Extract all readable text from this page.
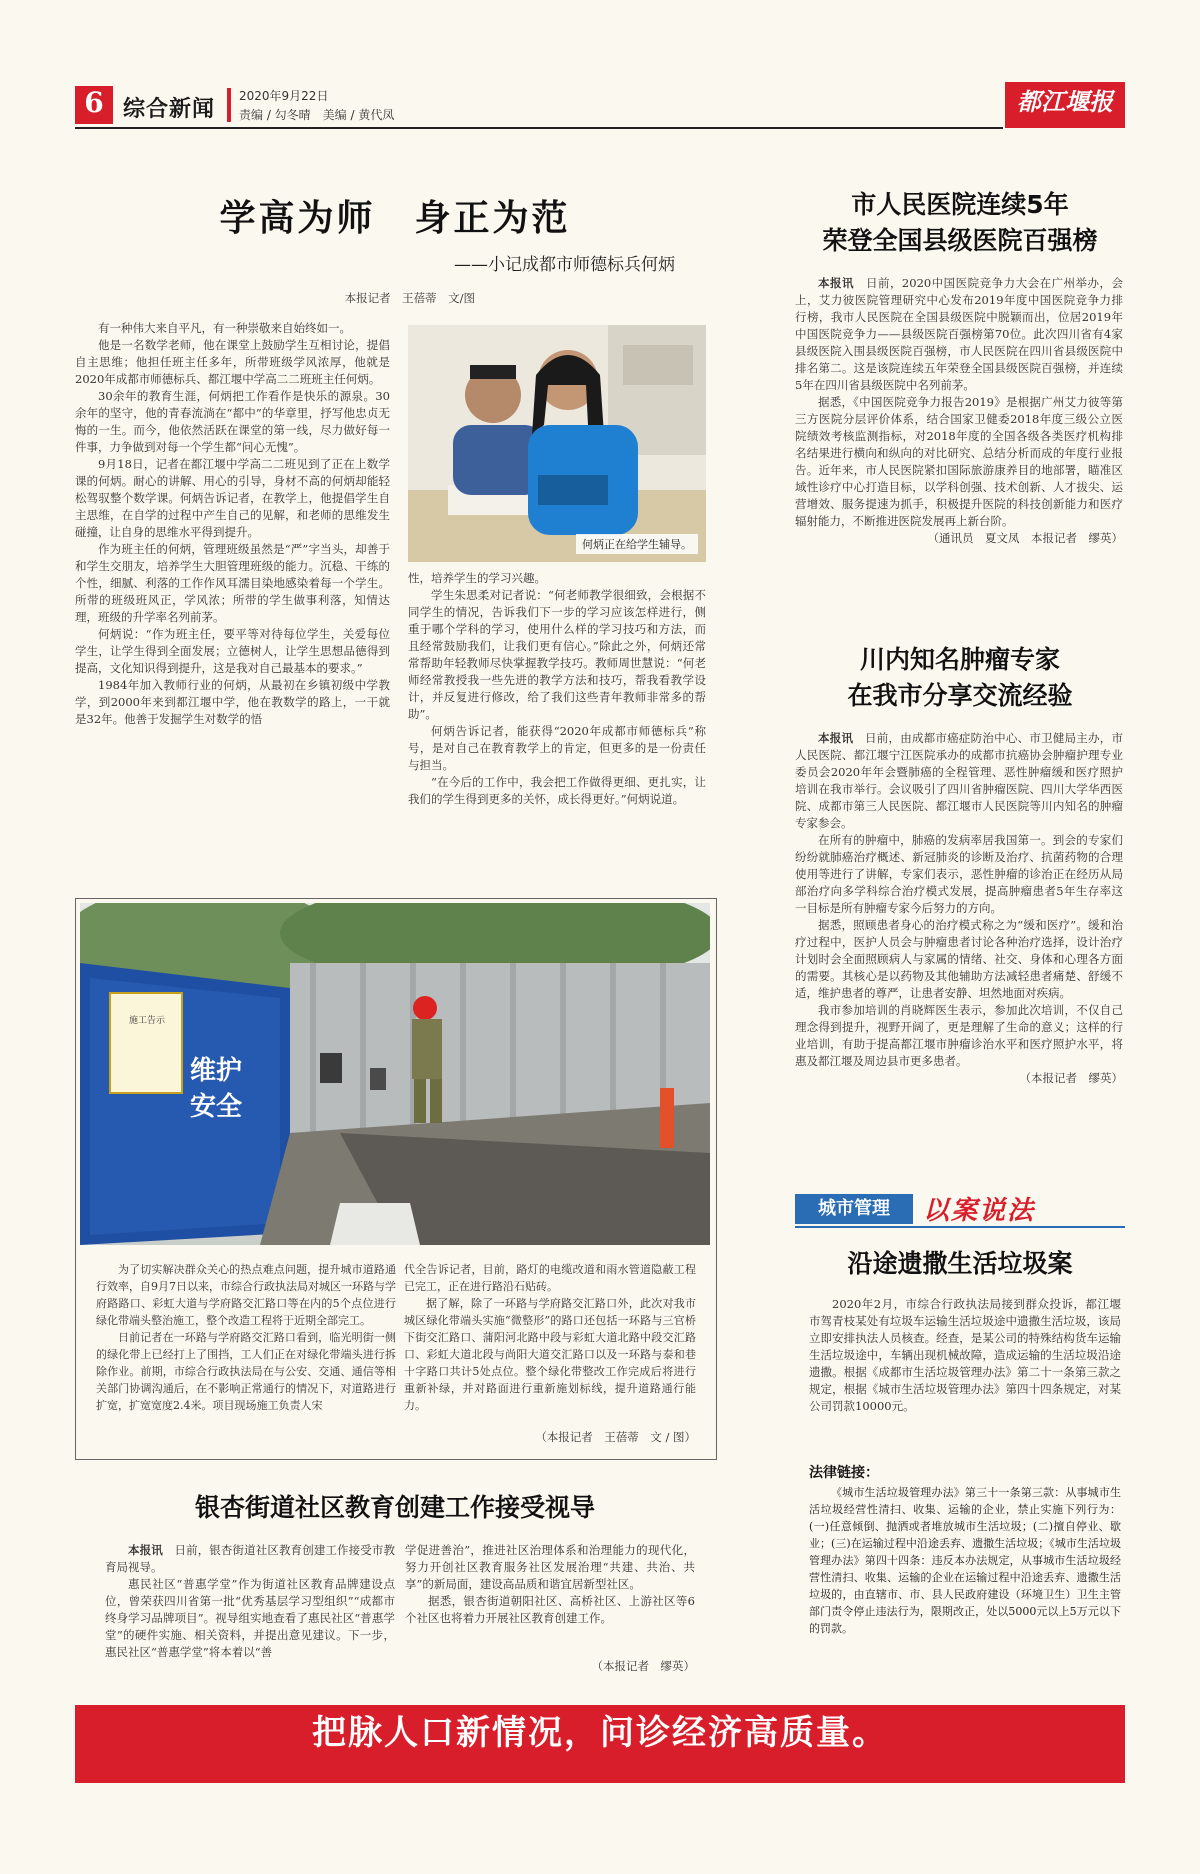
6 综合新闻
2020年9月22日
责编 / 勾冬晴　美编 / 黄代凤	都江堰报
学高为师　身正为范
——小记成都市师德标兵何炳
本报记者　王蓓蒂　文/图

有一种伟大来自平凡，有一种崇敬来自始终如一。

他是一名数学老师，他在课堂上鼓励学生互相讨论，提倡自主思维；他担任班主任多年，所带班级学风浓厚，他就是2020年成都市师德标兵、都江堰中学高二二班班主任何炳。

30余年的教育生涯，何炳把工作看作是快乐的源泉。30余年的坚守，他的青春流淌在“都中”的华章里，抒写他忠贞无悔的一生。而今，他依然活跃在课堂的第一线，尽力做好每一件事，力争做到对每一个学生都“问心无愧”。

9月18日，记者在都江堰中学高二二班见到了正在上数学课的何炳。耐心的讲解、用心的引导，身材不高的何炳却能轻松驾驭整个数学课。何炳告诉记者，在教学上，他提倡学生自主思维，在自学的过程中产生自己的见解，和老师的思维发生碰撞，让自身的思维水平得到提升。

作为班主任的何炳，管理班级虽然是“严”字当头，却善于和学生交朋友，培养学生大胆管理班级的能力。沉稳、干练的个性，细腻、利落的工作作风耳濡目染地感染着每一个学生。所带的班级班风正，学风浓；所带的学生做事利落，知情达理，班级的升学率名列前茅。

何炳说：“作为班主任，要平等对待每位学生，关爱每位学生，让学生得到全面发展；立德树人，让学生思想品德得到提高，文化知识得到提升，这是我对自己最基本的要求。”

1984年加入教师行业的何炳，从最初在乡镇初级中学教学，到2000年来到都江堰中学，他在教数学的路上，一干就是32年。他善于发掘学生对数学的悟

何炳正在给学生辅导。

性，培养学生的学习兴趣。

学生朱思柔对记者说：“何老师教学很细致，会根据不同学生的情况，告诉我们下一步的学习应该怎样进行，侧重于哪个学科的学习，使用什么样的学习技巧和方法，而且经常鼓励我们，让我们更有信心。”除此之外，何炳还常常帮助年轻教师尽快掌握教学技巧。教师周世慧说：“何老师经常教授我一些先进的教学方法和技巧，帮我看教学设计，并反复进行修改，给了我们这些青年教师非常多的帮助”。

何炳告诉记者，能获得“2020年成都市师德标兵”称号，是对自己在教育教学上的肯定，但更多的是一份责任与担当。

“在今后的工作中，我会把工作做得更细、更扎实，让我们的学生得到更多的关怀，成长得更好。”何炳说道。

市人民医院连续5年
荣登全国县级医院百强榜

本报讯　 日前，2020中国医院竞争力大会在广州举办，会上，艾力彼医院管理研究中心发布2019年度中国医院竞争力排行榜，我市人民医院在全国县级医院中脱颖而出，位居2019年中国医院竞争力——县级医院百强榜第70位。此次四川省有4家县级医院入围县级医院百强榜，市人民医院在四川省县级医院中排名第二。这是该院连续五年荣登全国县级医院百强榜，并连续5年在四川省县级医院中名列前茅。

据悉，《中国医院竞争力报告2019》是根据广州艾力彼等第三方医院分层评价体系，结合国家卫健委2018年度三级公立医院绩效考核监测指标，对2018年度的全国各级各类医疗机构排名结果进行横向和纵向的对比研究、总结分析而成的年度行业报告。近年来，市人民医院紧扣国际旅游康养目的地部署，瞄准区域性诊疗中心打造目标，以学科创强、技术创新、人才拔尖、运营增效、服务提速为抓手，积极提升医院的科技创新能力和医疗辐射能力，不断推进医院发展再上新台阶。

（通讯员　夏文凤　本报记者　缪英）

川内知名肿瘤专家
在我市分享交流经验

本报讯　 日前，由成都市癌症防治中心、市卫健局主办，市人民医院、都江堰宁江医院承办的成都市抗癌协会肿瘤护理专业委员会2020年年会暨肺癌的全程管理、恶性肿瘤缓和医疗照护培训在我市举行。会议吸引了四川省肿瘤医院、四川大学华西医院、成都市第三人民医院、都江堰市人民医院等川内知名的肿瘤专家参会。

在所有的肿瘤中，肺癌的发病率居我国第一。到会的专家们纷纷就肺癌治疗概述、新冠肺炎的诊断及治疗、抗菌药物的合理使用等进行了讲解，专家们表示，恶性肿瘤的诊治正在经历从局部治疗向多学科综合治疗模式发展，提高肿瘤患者5年生存率这一目标是所有肿瘤专家今后努力的方向。

据悉，照顾患者身心的治疗模式称之为“缓和医疗”。缓和治疗过程中，医护人员会与肿瘤患者讨论各种治疗选择，设计治疗计划时会全面照顾病人与家属的情绪、社交、身体和心理各方面的需要。其核心是以药物及其他辅助方法减轻患者痛楚、舒缓不适，维护患者的尊严，让患者安静、坦然地面对疾病。

我市参加培训的肖晓辉医生表示，参加此次培训，不仅自己理念得到提升，视野开阔了，更是理解了生命的意义；这样的行业培训，有助于提高都江堰市肿瘤诊治水平和医疗照护水平，将惠及都江堰及周边县市更多患者。

（本报记者　缪英）

维护 安全
施工告示

为了切实解决群众关心的热点难点问题，提升城市道路通行效率，自9月7日以来，市综合行政执法局对城区一环路与学府路路口、彩虹大道与学府路交汇路口等在内的5个点位进行绿化带端头整治施工，整个改造工程将于近期全部完工。

日前记者在一环路与学府路交汇路口看到，临光明街一侧的绿化带上已经打上了围挡，工人们正在对绿化带端头进行拆除作业。前期，市综合行政执法局在与公安、交通、通信等相关部门协调沟通后，在不影响正常通行的情况下，对道路进行扩宽，扩宽宽度2.4米。项目现场施工负责人宋

代全告诉记者，目前，路灯的电缆改道和雨水管道隐蔽工程已完工，正在进行路沿石贴砖。

据了解，除了一环路与学府路交汇路口外，此次对我市城区绿化带端头实施“微整形”的路口还包括一环路与三官桥下街交汇路口、蒲阳河北路中段与彩虹大道北路中段交汇路口、彩虹大道北段与尚阳大道交汇路口以及一环路与泰和巷十字路口共计5处点位。整个绿化带整改工作完成后将进行重新补绿，并对路面进行重新施划标线，提升道路通行能力。

（本报记者　王蓓蒂　文 / 图）
银杏街道社区教育创建工作接受视导

本报讯　 日前，银杏街道社区教育创建工作接受市教育局视导。

惠民社区“普惠学堂”作为街道社区教育品牌建设点位，曾荣获四川省第一批“优秀基层学习型组织”“成都市终身学习品牌项目”。视导组实地查看了惠民社区“普惠学堂”的硬件实施、相关资料，并提出意见建议。下一步，惠民社区“普惠学堂”将本着以“善

学促进善治”，推进社区治理体系和治理能力的现代化，努力开创社区教育服务社区发展治理“共建、共治、共享”的新局面，建设高品质和谐宜居新型社区。

据悉，银杏街道朝阳社区、高桥社区、上游社区等6个社区也将着力开展社区教育创建工作。

（本报记者　缪英）
城市管理	以案说法
沿途遗撒生活垃圾案

2020年2月，市综合行政执法局接到群众投诉，都江堰市驾青枝某处有垃圾车运输生活垃圾途中遗撒生活垃圾，该局立即安排执法人员核查。经查，是某公司的特殊结构货车运输生活垃圾途中，车辆出现机械故障，造成运输的生活垃圾沿途遗撒。根据《成都市生活垃圾管理办法》第二十一条第三款之规定，根据《城市生活垃圾管理办法》第四十四条规定，对某公司罚款10000元。

法律链接：

《城市生活垃圾管理办法》第三十一条第三款：从事城市生活垃圾经营性清扫、收集、运输的企业，禁止实施下列行为：(一)任意倾倒、抛洒或者堆放城市生活垃圾；(二)擅自停业、歇业；(三)在运输过程中沿途丢弃、遗撒生活垃圾；《城市生活垃圾管理办法》第四十四条：违反本办法规定，从事城市生活垃圾经营性清扫、收集、运输的企业在运输过程中沿途丢弃、遗撒生活垃圾的，由直辖市、市、县人民政府建设（环境卫生）卫生主管部门责令停止违法行为，限期改正，处以5000元以上5万元以下的罚款。

把脉人口新情况，问诊经济高质量。
